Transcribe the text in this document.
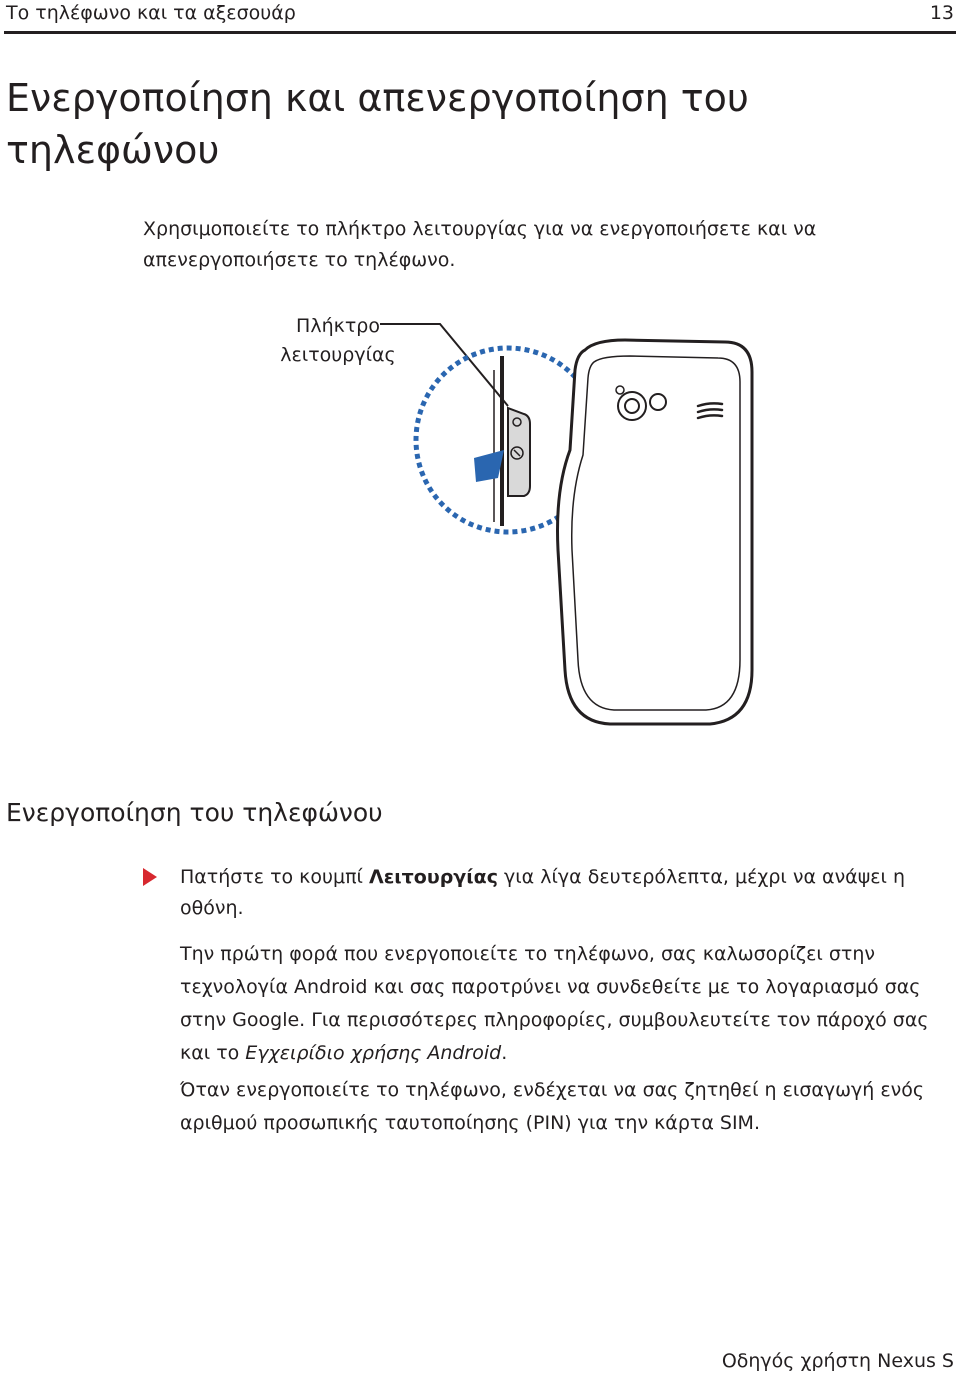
Το τηλέφωνο και τα αξεσουάρ	13
Ενεργοποίηση και απενεργοποίηση του τηλεφώνου
Χρησιμοποιείτε το πλήκτρο λειτουργίας για να ενεργοποιήσετε και να απενεργοποιήσετε το τηλέφωνο.
Πλήκτρο
λειτουργίας
Ενεργοποίηση του τηλεφώνου
Πατήστε το κουμπί Λειτουργίας για λίγα δευτερόλεπτα, μέχρι να ανάψει η οθόνη.
Την πρώτη φορά που ενεργοποιείτε το τηλέφωνο, σας καλωσορίζει στην τεχνολογία Android και σας παροτρύνει να συνδεθείτε με το λογαριασμό σας στην Google. Για περισσότερες πληροφορίες, συμβουλευτείτε τον πάροχό σας και το Εγχειρίδιο χρήσης Android.
Όταν ενεργοποιείτε το τηλέφωνο, ενδέχεται να σας ζητηθεί η εισαγωγή ενός αριθμού προσωπικής ταυτοποίησης (PIN) για την κάρτα SIM.
Οδηγός χρήστη Nexus S
